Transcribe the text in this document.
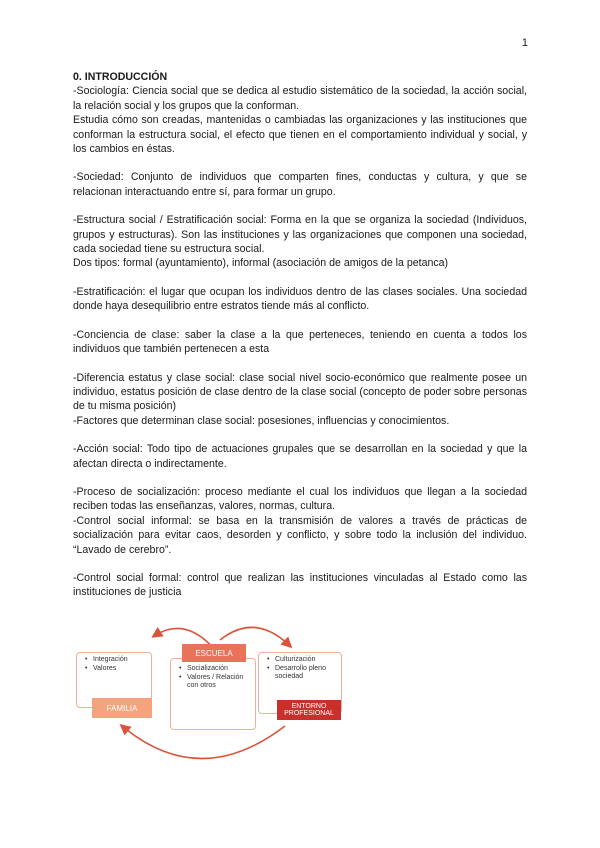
1
0. INTRODUCCIÓN

-Sociología: Ciencia social que se dedica al estudio sistemático de la sociedad, la acción social, la relación social y los grupos que la conforman.
Estudia cómo son creadas, mantenidas o cambiadas las organizaciones y las instituciones que conforman la estructura social, el efecto que tienen en el comportamiento individual y social, y los cambios en éstas.

-Sociedad: Conjunto de individuos que comparten fines, conductas y cultura, y que se relacionan interactuando entre sí, para formar un grupo.

-Estructura social / Estratificación social: Forma en la que se organiza la sociedad (Individuos, grupos y estructuras). Son las instituciones y las organizaciones que componen una sociedad, cada sociedad tiene su estructura social.
Dos tipos: formal (ayuntamiento), informal (asociación de amigos de la petanca)

-Estratificación: el lugar que ocupan los individuos dentro de las clases sociales. Una sociedad donde haya desequilibrio entre estratos tiende más al conflicto.

-Conciencia de clase: saber la clase a la que perteneces, teniendo en cuenta a todos los individuos que también pertenecen a esta

-Diferencia estatus y clase social: clase social nivel socio-económico que realmente posee un individuo, estatus posición de clase dentro de la clase social (concepto de poder sobre personas de tu misma posición)
-Factores que determinan clase social: posesiones, influencias y conocimientos.

-Acción social: Todo tipo de actuaciones grupales que se desarrollan en la sociedad y que la afectan directa o indirectamente.

-Proceso de socialización: proceso mediante el cual los individuos que llegan a la sociedad reciben todas las enseñanzas, valores, normas, cultura.
-Control social informal: se basa en la transmisión de valores a través de prácticas de socialización para evitar caos, desorden y conflicto, y sobre todo la inclusión del individuo. “Lavado de cerebro”.

-Control social formal: control que realizan las instituciones vinculadas al Estado como las instituciones de justicia

• Integración
• Valores
FAMILIA
• Socialización
• Valores / Relación con otros
ESCUELA
• Culturización
• Desarrollo pleno sociedad
ENTORNO PROFESIONAL
